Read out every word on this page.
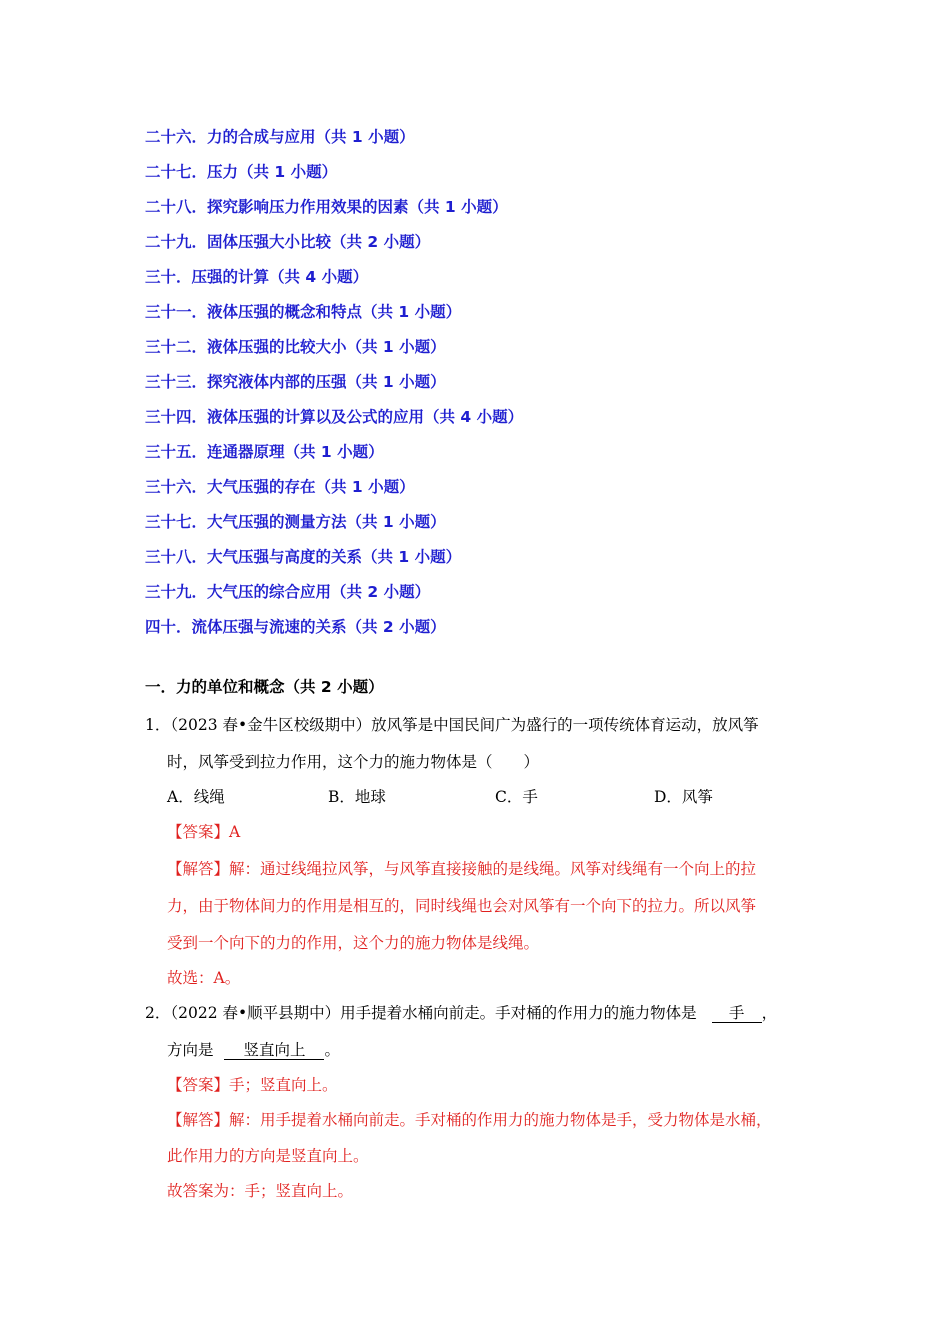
二十六．力的合成与应用（共 1 小题）
二十七．压力（共 1 小题）
二十八．探究影响压力作用效果的因素（共 1 小题）
二十九．固体压强大小比较（共 2 小题）
三十．压强的计算（共 4 小题）
三十一．液体压强的概念和特点（共 1 小题）
三十二．液体压强的比较大小（共 1 小题）
三十三．探究液体内部的压强（共 1 小题）
三十四．液体压强的计算以及公式的应用（共 4 小题）
三十五．连通器原理（共 1 小题）
三十六．大气压强的存在（共 1 小题）
三十七．大气压强的测量方法（共 1 小题）
三十八．大气压强与高度的关系（共 1 小题）
三十九．大气压的综合应用（共 2 小题）
四十．流体压强与流速的关系（共 2 小题）
一．力的单位和概念（共 2 小题）
1．（2023 春•金牛区校级期中）放风筝是中国民间广为盛行的一项传统体育运动，放风筝
时，风筝受到拉力作用，这个力的施力物体是（　　）
A．线绳	B．地球	C．手	D．风筝
【答案】A
【解答】解：通过线绳拉风筝，与风筝直接接触的是线绳。风筝对线绳有一个向上的拉
力，由于物体间力的作用是相互的，同时线绳也会对风筝有一个向下的拉力。所以风筝
受到一个向下的力的作用，这个力的施力物体是线绳。
故选：A。
2．（2022 春•顺平县期中）用手提着水桶向前走。手对桶的作用力的施力物体是 手 ，
方向是 竖直向上 。
【答案】手；竖直向上。
【解答】解：用手提着水桶向前走。手对桶的作用力的施力物体是手，受力物体是水桶，
此作用力的方向是竖直向上。
故答案为：手；竖直向上。
